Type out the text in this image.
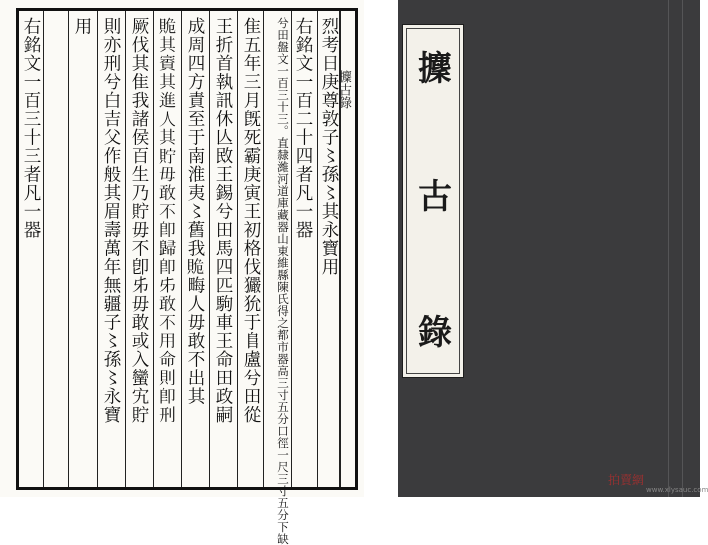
烈考日庚尊敦子〻孫〻其永寶用
右銘文一百二十四者凡一器
兮田盤文一百三十三。直隸濰河道庫藏器山東維縣陳氏得之都市器高三寸五分口徑一尺三寸五分下缺
隹五年三月旣死霸庚寅王初格伐玁狁于𨸏盧兮田從
王折首執訊休亾敃王錫兮田馬四匹駒車王命田政嗣
成周四方責至于南淮夷〻舊我𧵥畮人毋敢不出其
𧵥其賨其進人其貯毋敢不卽歸卽𠂔敢不用命則卽刑
厥伐其隹我諸侯百生乃貯毋不卽𠂔毋敢或入蠻宄貯
則亦刑兮白吉父作般其眉壽萬年無疆子〻孫〻永寶
用
右銘文一百三十三者凡一器	攈古錄
攈
古
錄
拍賣網
www.xlysauc.com
